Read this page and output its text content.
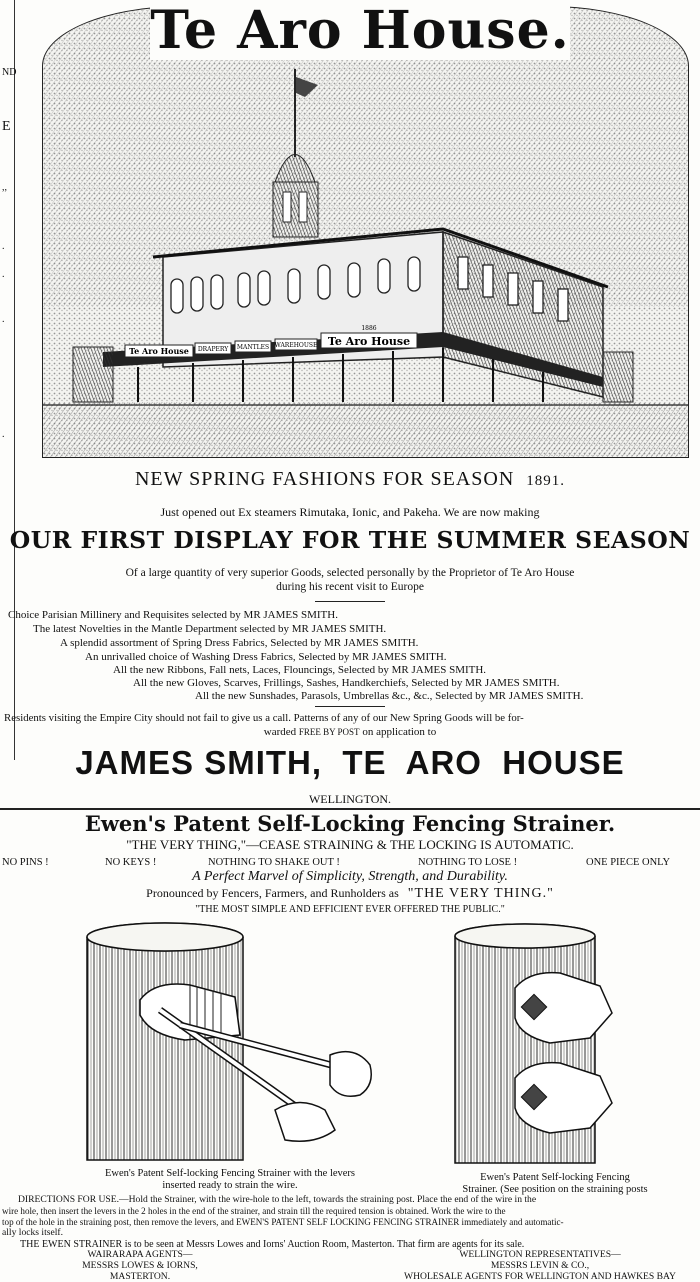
ND
E
,,
.
.
.
.
Te Aro House DRAPERY MANTLES WAREHOUSE Te Aro House
1886
Te Aro House.
NEW SPRING FASHIONS FOR SEASON 1891.
Just opened out Ex steamers Rimutaka, Ionic, and Pakeha. We are now making
OUR FIRST DISPLAY FOR THE SUMMER SEASON
Of a large quantity of very superior Goods, selected personally by the Proprietor of Te Aro House
during his recent visit to Europe
Choice Parisian Millinery and Requisites selected by MR JAMES SMITH.
The latest Novelties in the Mantle Department selected by MR JAMES SMITH.
A splendid assortment of Spring Dress Fabrics, Selected by MR JAMES SMITH.
An unrivalled choice of Washing Dress Fabrics, Selected by MR JAMES SMITH.
All the new Ribbons, Fall nets, Laces, Flouncings, Selected by MR JAMES SMITH.
All the new Gloves, Scarves, Frillings, Sashes, Handkerchiefs, Selected by MR JAMES SMITH.
All the new Sunshades, Parasols, Umbrellas &c., &c., Selected by MR JAMES SMITH.
Residents visiting the Empire City should not fail to give us a call. Patterns of any of our New Spring Goods will be for-
warded FREE BY POST on application to
JAMES SMITH,  TE  ARO  HOUSE
WELLINGTON.
Ewen's Patent Self-Locking Fencing Strainer.
"THE VERY THING,"—CEASE STRAINING & THE LOCKING IS AUTOMATIC.
NO PINS !	NO KEYS !	NOTHING TO SHAKE OUT !	NOTHING TO LOSE !	ONE PIECE ONLY
A Perfect Marvel of Simplicity, Strength, and Durability.
Pronounced by Fencers, Farmers, and Runholders as "THE VERY THING."
"THE MOST SIMPLE AND EFFICIENT EVER OFFERED THE PUBLIC."
Ewen's Patent Self-locking Fencing Strainer with the levers
inserted ready to strain the wire.
Ewen's Patent Self-locking Fencing
Strainer. (See position on the straining posts
DIRECTIONS FOR USE.—Hold the Strainer, with the wire-hole to the left, towards the straining post. Place the end of the wire in the
wire hole, then insert the levers in the 2 holes in the end of the strainer, and strain till the required tension is obtained. Work the wire to the
top of the hole in the straining post, then remove the levers, and EWEN'S PATENT SELF LOCKING FENCING STRAINER immediately and automatic-
ally locks itself.
THE EWEN STRAINER is to be seen at Messrs Lowes and Iorns' Auction Room, Masterton. That firm are agents for its sale.
WAIRARAPA AGENTS—
MESSRS LOWES & IORNS,
MASTERTON.
WELLINGTON REPRESENTATIVES—
MESSRS LEVIN & CO.,
WHOLESALE AGENTS FOR WELLINGTON AND HAWKES BAY
